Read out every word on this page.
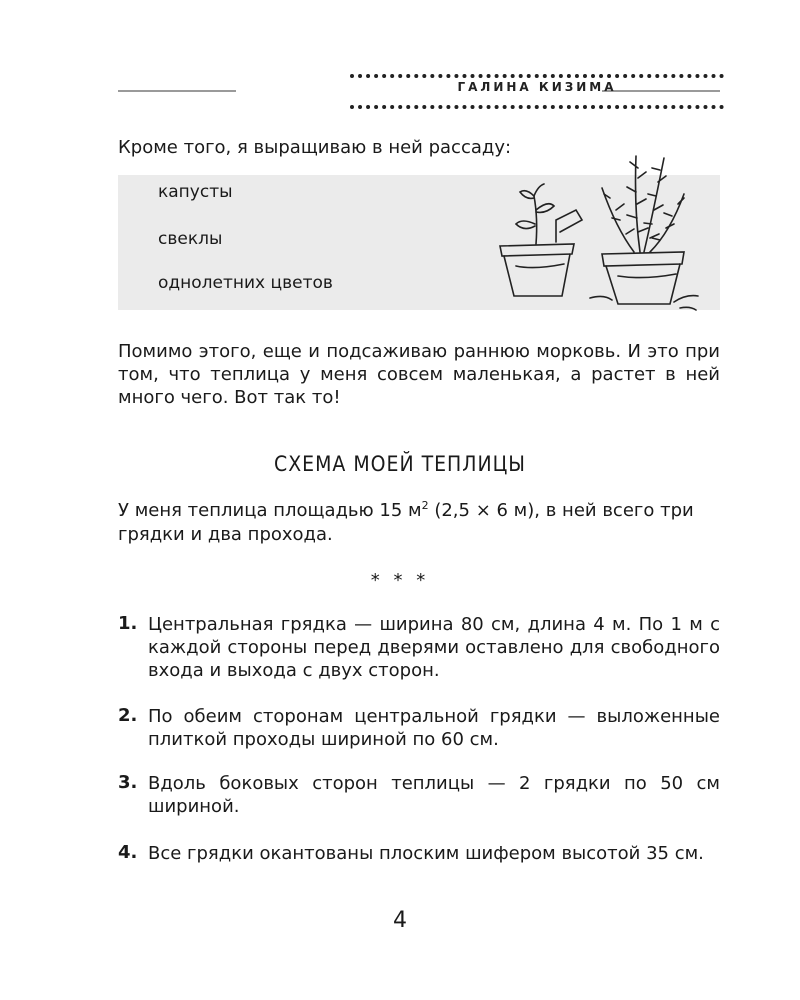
ГАЛИНА КИЗИМА

Кроме того, я выращиваю в ней рассаду:

капусты

свеклы

однолетних цветов

Помимо этого, еще и подсаживаю раннюю морковь. И это при том, что теплица у меня совсем маленькая, а растет в ней много чего. Вот так то!

СХЕМА МОЕЙ ТЕПЛИЦЫ

У меня теплица площадью 15 $м^2$ (2,5 × 6 м), в ней всего три грядки и два прохода.

* * *
1. Центральная грядка — ширина 80 см, длина 4 м. По 1 м с каждой стороны перед дверями оставлено для свободного входа и выхода с двух сторон.

2. По обеим сторонам центральной грядки — выложенные плиткой проходы шириной по 60 см.

3. Вдоль боковых сторон теплицы — 2 грядки по 50 см шириной.

4. Все грядки окантованы плоским шифером высотой 35 см.

4
